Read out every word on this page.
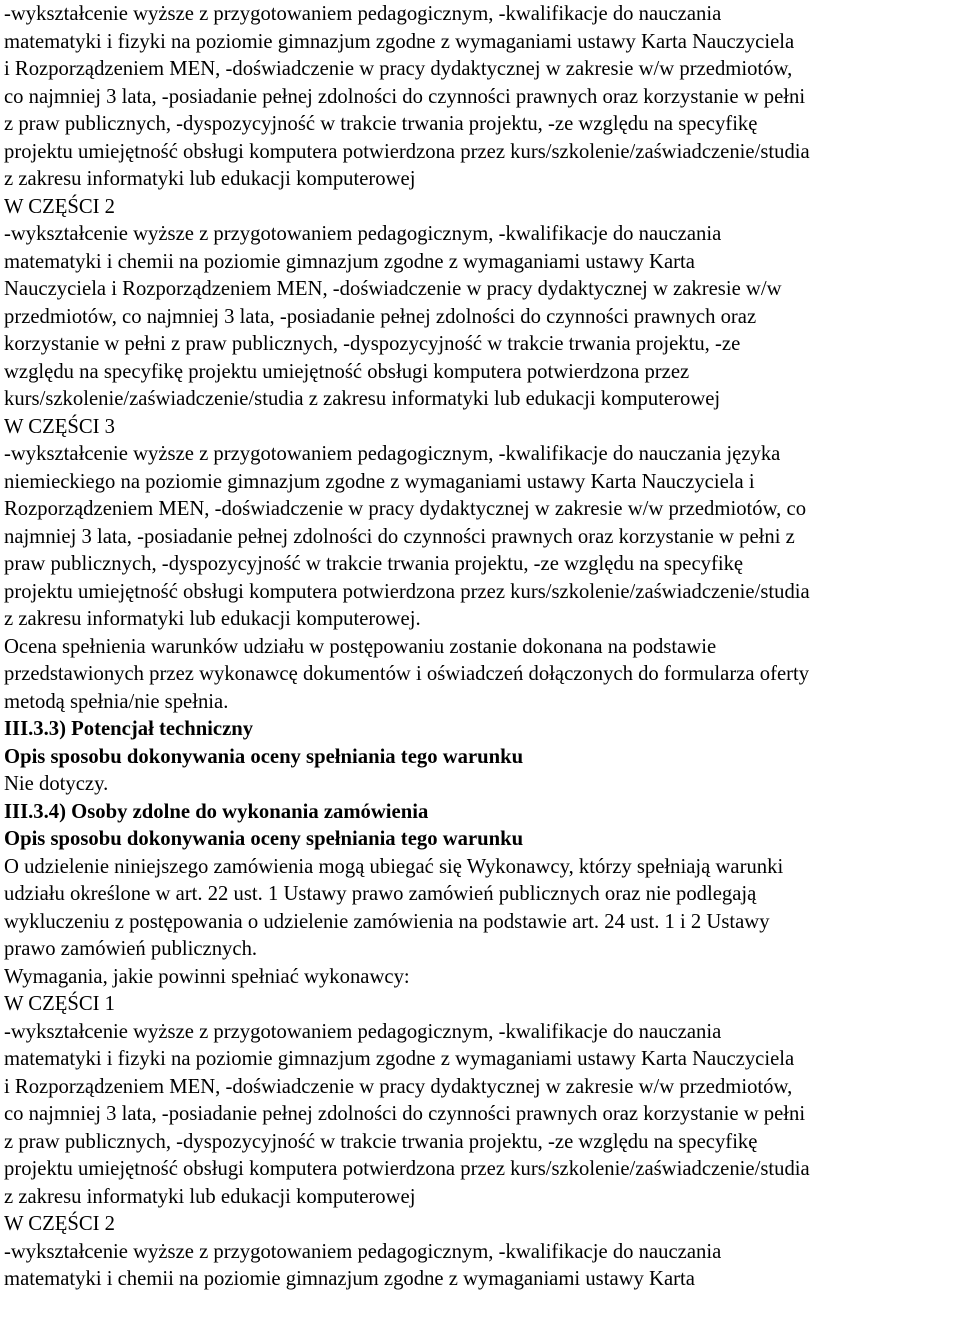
-wykształcenie wyższe z przygotowaniem pedagogicznym, -kwalifikacje do nauczania
matematyki i fizyki na poziomie gimnazjum zgodne z wymaganiami ustawy Karta Nauczyciela
i Rozporządzeniem MEN, -doświadczenie w pracy dydaktycznej w zakresie w/w przedmiotów,
co najmniej 3 lata, -posiadanie pełnej zdolności do czynności prawnych oraz korzystanie w pełni
z praw publicznych, -dyspozycyjność w trakcie trwania projektu, -ze względu na specyfikę
projektu umiejętność obsługi komputera potwierdzona przez kurs/szkolenie/zaświadczenie/studia
z zakresu informatyki lub edukacji komputerowej
W CZĘŚCI 2
-wykształcenie wyższe z przygotowaniem pedagogicznym, -kwalifikacje do nauczania
matematyki i chemii na poziomie gimnazjum zgodne z wymaganiami ustawy Karta
Nauczyciela i Rozporządzeniem MEN, -doświadczenie w pracy dydaktycznej w zakresie w/w
przedmiotów, co najmniej 3 lata, -posiadanie pełnej zdolności do czynności prawnych oraz
korzystanie w pełni z praw publicznych, -dyspozycyjność w trakcie trwania projektu, -ze
względu na specyfikę projektu umiejętność obsługi komputera potwierdzona przez
kurs/szkolenie/zaświadczenie/studia z zakresu informatyki lub edukacji komputerowej
W CZĘŚCI 3
-wykształcenie wyższe z przygotowaniem pedagogicznym, -kwalifikacje do nauczania języka
niemieckiego na poziomie gimnazjum zgodne z wymaganiami ustawy Karta Nauczyciela i
Rozporządzeniem MEN, -doświadczenie w pracy dydaktycznej w zakresie w/w przedmiotów, co
najmniej 3 lata, -posiadanie pełnej zdolności do czynności prawnych oraz korzystanie w pełni z
praw publicznych, -dyspozycyjność w trakcie trwania projektu, -ze względu na specyfikę
projektu umiejętność obsługi komputera potwierdzona przez kurs/szkolenie/zaświadczenie/studia
z zakresu informatyki lub edukacji komputerowej.
Ocena spełnienia warunków udziału w postępowaniu zostanie dokonana na podstawie
przedstawionych przez wykonawcę dokumentów i oświadczeń dołączonych do formularza oferty
metodą spełnia/nie spełnia.
III.3.3) Potencjał techniczny
Opis sposobu dokonywania oceny spełniania tego warunku
Nie dotyczy.
III.3.4) Osoby zdolne do wykonania zamówienia
Opis sposobu dokonywania oceny spełniania tego warunku
O udzielenie niniejszego zamówienia mogą ubiegać się Wykonawcy, którzy spełniają warunki
udziału określone w art. 22 ust. 1 Ustawy prawo zamówień publicznych oraz nie podlegają
wykluczeniu z postępowania o udzielenie zamówienia na podstawie art. 24 ust. 1 i 2 Ustawy
prawo zamówień publicznych.
Wymagania, jakie powinni spełniać wykonawcy:
W CZĘŚCI 1
-wykształcenie wyższe z przygotowaniem pedagogicznym, -kwalifikacje do nauczania
matematyki i fizyki na poziomie gimnazjum zgodne z wymaganiami ustawy Karta Nauczyciela
i Rozporządzeniem MEN, -doświadczenie w pracy dydaktycznej w zakresie w/w przedmiotów,
co najmniej 3 lata, -posiadanie pełnej zdolności do czynności prawnych oraz korzystanie w pełni
z praw publicznych, -dyspozycyjność w trakcie trwania projektu, -ze względu na specyfikę
projektu umiejętność obsługi komputera potwierdzona przez kurs/szkolenie/zaświadczenie/studia
z zakresu informatyki lub edukacji komputerowej
W CZĘŚCI 2
-wykształcenie wyższe z przygotowaniem pedagogicznym, -kwalifikacje do nauczania
matematyki i chemii na poziomie gimnazjum zgodne z wymaganiami ustawy Karta
